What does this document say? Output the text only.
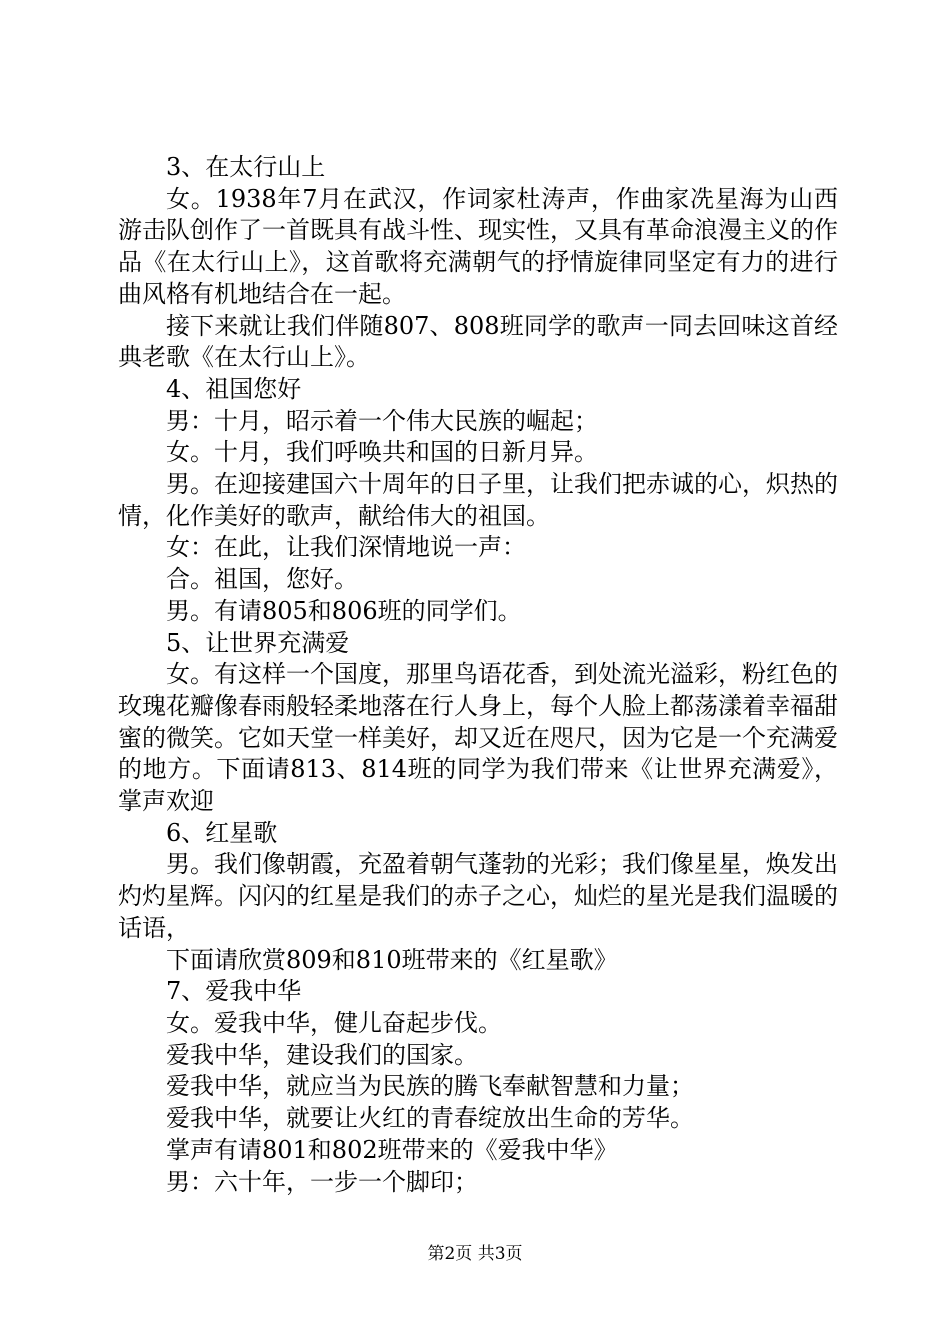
3、在太行山上

女。1938年7月在武汉，作词家杜涛声，作曲家冼星海为山西游击队创作了一首既具有战斗性、现实性，又具有革命浪漫主义的作品《在太行山上》，这首歌将充满朝气的抒情旋律同坚定有力的进行曲风格有机地结合在一起。

接下来就让我们伴随807、808班同学的歌声一同去回味这首经典老歌《在太行山上》。

4、祖国您好

男：十月，昭示着一个伟大民族的崛起；

女。十月，我们呼唤共和国的日新月异。

男。在迎接建国六十周年的日子里，让我们把赤诚的心，炽热的情，化作美好的歌声，献给伟大的祖国。

女：在此，让我们深情地说一声：

合。祖国，您好。

男。有请805和806班的同学们。

5、让世界充满爱

女。有这样一个国度，那里鸟语花香，到处流光溢彩，粉红色的玫瑰花瓣像春雨般轻柔地落在行人身上，每个人脸上都荡漾着幸福甜蜜的微笑。它如天堂一样美好，却又近在咫尺，因为它是一个充满爱的地方。下面请813、814班的同学为我们带来《让世界充满爱》，掌声欢迎

6、红星歌

男。我们像朝霞，充盈着朝气蓬勃的光彩；我们像星星，焕发出灼灼星辉。闪闪的红星是我们的赤子之心，灿烂的星光是我们温暖的话语，

下面请欣赏809和810班带来的《红星歌》

7、爱我中华

女。爱我中华，健儿奋起步伐。

爱我中华，建设我们的国家。

爱我中华，就应当为民族的腾飞奉献智慧和力量；

爱我中华，就要让火红的青春绽放出生命的芳华。

掌声有请801和802班带来的《爱我中华》

男：六十年，一步一个脚印；

第2页 共3页
